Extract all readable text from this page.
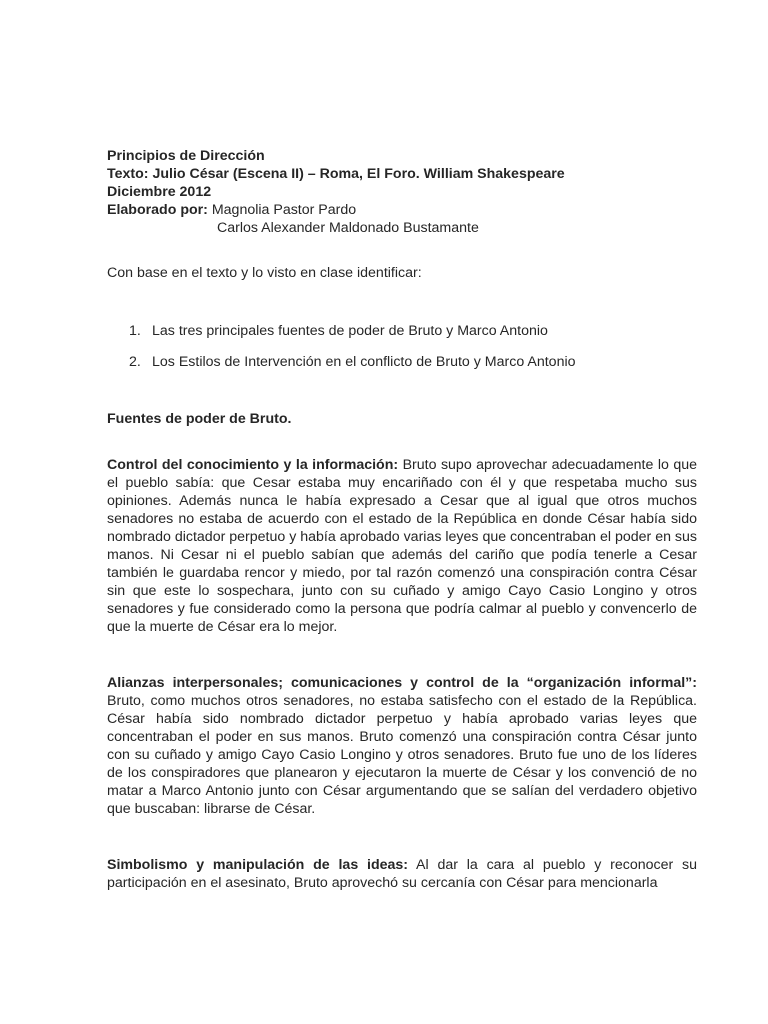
Principios de Dirección
Texto: Julio César (Escena II) – Roma, El Foro. William Shakespeare
Diciembre 2012
Elaborado por: Magnolia Pastor Pardo
Carlos Alexander Maldonado Bustamante
Con base en el texto y lo visto en clase identificar:
1. Las tres principales fuentes de poder de Bruto y Marco Antonio
2. Los Estilos de Intervención en el conflicto de Bruto y Marco Antonio
Fuentes de poder de Bruto.

Control del conocimiento y la información: Bruto supo aprovechar adecuadamente lo que el pueblo sabía: que Cesar estaba muy encariñado con él y que respetaba mucho sus opiniones. Además nunca le había expresado a Cesar que al igual que otros muchos senadores no estaba de acuerdo con el estado de la República en donde César había sido nombrado dictador perpetuo y había aprobado varias leyes que concentraban el poder en sus manos. Ni Cesar ni el pueblo sabían que además del cariño que podía tenerle a Cesar también le guardaba rencor y miedo, por tal razón comenzó una conspiración contra César sin que este lo sospechara, junto con su cuñado y amigo Cayo Casio Longino y otros senadores y fue considerado como la persona que podría calmar al pueblo y convencerlo de que la muerte de César era lo mejor.

Alianzas interpersonales; comunicaciones y control de la “organización informal”: Bruto, como muchos otros senadores, no estaba satisfecho con el estado de la República. César había sido nombrado dictador perpetuo y había aprobado varias leyes que concentraban el poder en sus manos. Bruto comenzó una conspiración contra César junto con su cuñado y amigo Cayo Casio Longino y otros senadores. Bruto fue uno de los líderes de los conspiradores que planearon y ejecutaron la muerte de César y los convenció de no matar a Marco Antonio junto con César argumentando que se salían del verdadero objetivo que buscaban: librarse de César.

Simbolismo y manipulación de las ideas: Al dar la cara al pueblo y reconocer su participación en el asesinato, Bruto aprovechó su cercanía con César para mencionarla
